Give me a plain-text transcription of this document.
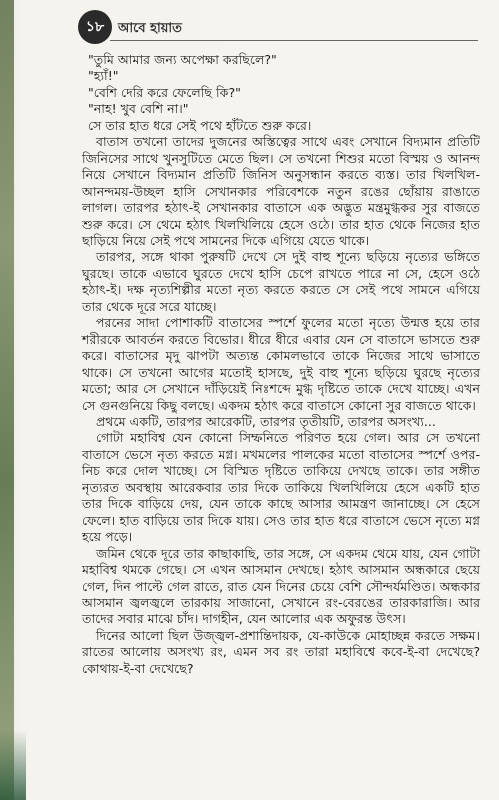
১৮	আবে হায়াত

"তুমি আমার জন্য অপেক্ষা করছিলে?"

"হ্যাঁ!"

"বেশি দেরি করে ফেলেছি কি?"

"নাহ! খুব বেশি না।"

সে তার হাত ধরে সেই পথে হাঁটতে শুরু করে।

বাতাস তখনো তাদের দুজনের অস্তিত্বের সাথে এবং সেখানে বিদ্যমান প্রতিটি জিনিসের সাথে খুনসুটিতে মেতে ছিল। সে তখনো শিশুর মতো বিস্ময় ও আনন্দ নিয়ে সেখানে বিদ্যমান প্রতিটি জিনিস অনুসন্ধান করতে ব্যস্ত। তার খিলখিল-আনন্দময়-উচ্ছল হাসি সেখানকার পরিবেশকে নতুন রঙের ছোঁয়ায় রাঙাতে লাগল। তারপর হঠাৎ-ই সেখানকার বাতাসে এক অদ্ভুত মন্ত্রমুগ্ধকর সুর বাজতে শুরু করে। সে থেমে হঠাৎ খিলখিলিয়ে হেসে ওঠে। তার হাত থেকে নিজের হাত ছাড়িয়ে নিয়ে সেই পথে সামনের দিকে এগিয়ে যেতে থাকে।

তারপর, সঙ্গে থাকা পুরুষটি দেখে সে দুই বাহু শূন্যে ছড়িয়ে নৃত্যের ভঙ্গিতে ঘুরছে। তাকে এভাবে ঘুরতে দেখে হাসি চেপে রাখতে পারে না সে, হেসে ওঠে হঠাৎ-ই। দক্ষ নৃত্যশিল্পীর মতো নৃত্য করতে করতে সে সেই পথে সামনে এগিয়ে তার থেকে দূরে সরে যাচ্ছে।

পরনের সাদা পোশাকটি বাতাসের স্পর্শে ফুলের মতো নৃত্যে উন্মত্ত হয়ে তার শরীরকে আবর্তন করতে বিভোর। ধীরে ধীরে এবার যেন সে বাতাসে ভাসতে শুরু করে। বাতাসের মৃদু ঝাপটা অত্যন্ত কোমলভাবে তাকে নিজের সাথে ভাসাতে থাকে। সে তখনো আগের মতোই হাসছে, দুই বাহু শূন্যে ছড়িয়ে ঘুরছে নৃত্যের মতো; আর সে সেখানে দাঁড়িয়েই নিঃশব্দে মুগ্ধ দৃষ্টিতে তাকে দেখে যাচ্ছে। এখন সে গুনগুনিয়ে কিছু বলছে। একদম হঠাৎ করে বাতাসে কোনো সুর বাজতে থাকে।

প্রথমে একটি, তারপর আরেকটি, তারপর তৃতীয়টি, তারপর অসংখ্য...

গোটা মহাবিশ্ব যেন কোনো সিম্ফনিতে পরিণত হয়ে গেল। আর সে তখনো বাতাসে ভেসে নৃত্য করতে মগ্ন। মখমলের পালকের মতো বাতাসের স্পর্শে ওপর-নিচ করে দোল খাচ্ছে। সে বিস্মিত দৃষ্টিতে তাকিয়ে দেখছে তাকে। তার সঙ্গীত নৃত্যরত অবস্থায় আরেকবার তার দিকে তাকিয়ে খিলখিলিয়ে হেসে একটি হাত তার দিকে বাড়িয়ে দেয়, যেন তাকে কাছে আসার আমন্ত্রণ জানাচ্ছে। সে হেসে ফেলে। হাত বাড়িয়ে তার দিকে যায়। সেও তার হাত ধরে বাতাসে ভেসে নৃত্যে মগ্ন হয়ে পড়ে।

জমিন থেকে দূরে তার কাছাকাছি, তার সঙ্গে, সে একদম থেমে যায়, যেন গোটা মহাবিশ্ব থমকে গেছে। সে এখন আসমান দেখছে। হঠাৎ আসমান অন্ধকারে ছেয়ে গেল, দিন পাল্টে গেল রাতে, রাত যেন দিনের চেয়ে বেশি সৌন্দর্যমণ্ডিত। অন্ধকার আসমান জ্বলজ্বলে তারকায় সাজানো, সেখানে রং-বেরঙের তারকারাজি। আর তাদের সবার মাঝে চাঁদ। দাগহীন, যেন আলোর এক অফুরন্ত উৎস।

দিনের আলো ছিল উজ্জ্বল-প্রশান্তিদায়ক, যে-কাউকে মোহাচ্ছন্ন করতে সক্ষম। রাতের আলোয় অসংখ্য রং, এমন সব রং তারা মহাবিশ্বে কবে-ই-বা দেখেছে? কোথায়-ই-বা দেখেছে?
